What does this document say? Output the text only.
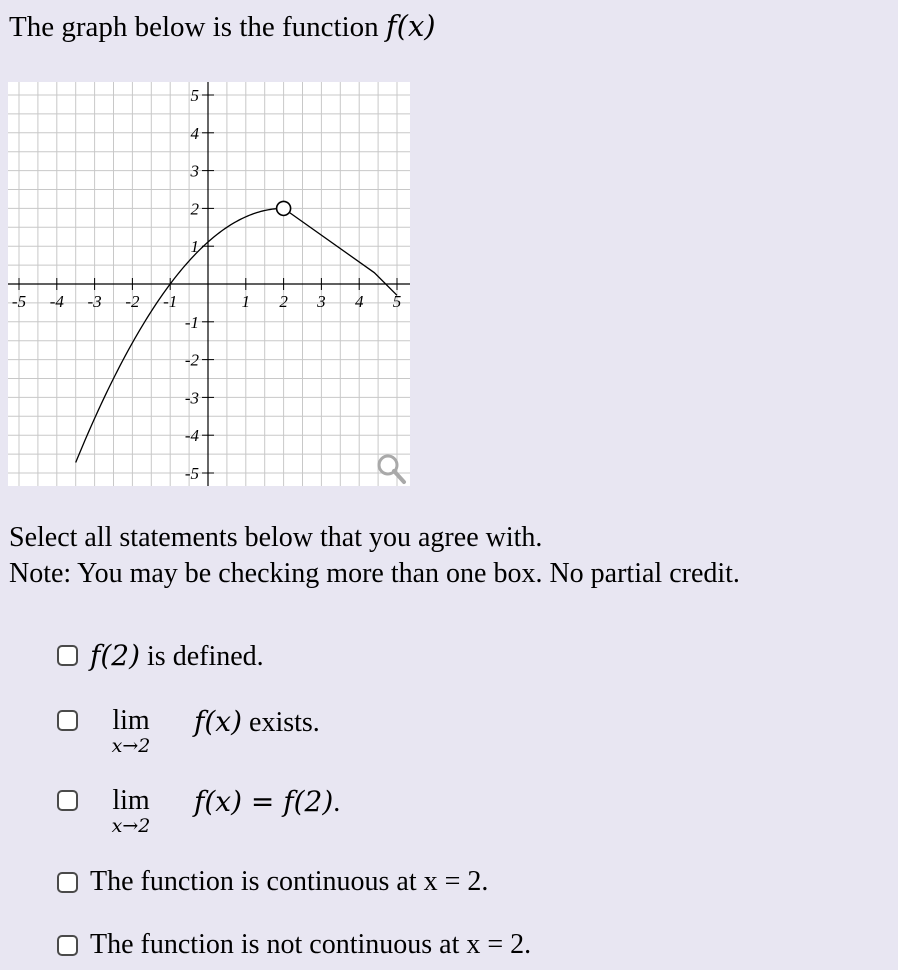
The graph below is the function f(x)
-5 -4 -3 -2 -1	1 2 3 4 5
5
4
3
2
1
-1
-2
-3
-4
-5
Select all statements below that you agree with.
Note: You may be checking more than one box. No partial credit.
f(2) is defined.
lim
x→2
f(x) exists.
lim
x→2
f(x) = f(2).
The function is continuous at x = 2.
The function is not continuous at x = 2.
